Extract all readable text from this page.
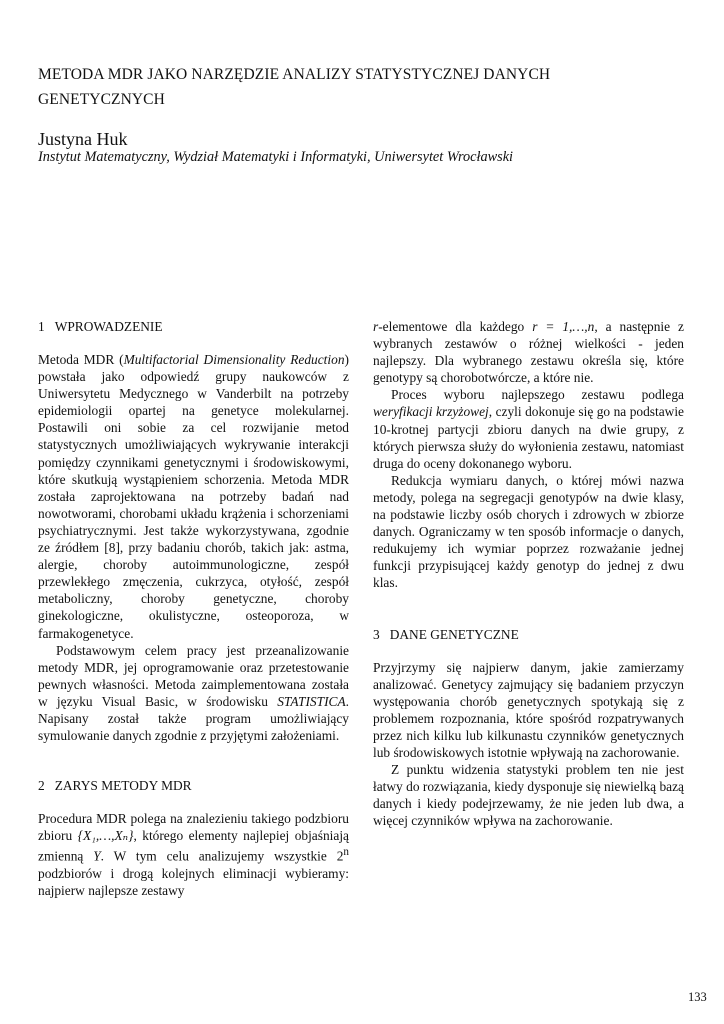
METODA MDR JAKO NARZĘDZIE ANALIZY STATYSTYCZNEJ DANYCH GENETYCZNYCH
Justyna Huk
Instytut Matematyczny, Wydział Matematyki i Informatyki, Uniwersytet Wrocławski
1 WPROWADZENIE

Metoda MDR (Multifactorial Dimensionality Reduction) powstała jako odpowiedź grupy naukowców z Uniwersytetu Medycznego w Vanderbilt na potrzeby epidemiologii opartej na genetyce molekularnej. Postawili oni sobie za cel rozwijanie metod statystycznych umożliwiających wykrywanie interakcji pomiędzy czynnikami genetycznymi i środowiskowymi, które skutkują wystąpieniem schorzenia. Metoda MDR została zaprojektowana na potrzeby badań nad nowotworami, chorobami układu krążenia i schorzeniami psychiatrycznymi. Jest także wykorzystywana, zgodnie ze źródłem [8], przy badaniu chorób, takich jak: astma, alergie, choroby autoimmunologiczne, zespół przewlekłego zmęczenia, cukrzyca, otyłość, zespół metaboliczny, choroby genetyczne, choroby ginekologiczne, okulistyczne, osteoporoza, w farmakogenetyce.

Podstawowym celem pracy jest przeanalizowanie metody MDR, jej oprogramowanie oraz przetestowanie pewnych własności. Metoda zaimplementowana została w języku Visual Basic, w środowisku STATISTICA. Napisany został także program umożliwiający symulowanie danych zgodnie z przyjętymi założeniami.

2 ZARYS METODY MDR

Procedura MDR polega na znalezieniu takiego podzbioru zbioru {X₁,…,Xₙ}, którego elementy najlepiej objaśniają zmienną Y. W tym celu analizujemy wszystkie 2$^n$ podzbiorów i drogą kolejnych eliminacji wybieramy: najpierw najlepsze zestawy

r-elementowe dla każdego r = 1,…,n, a następnie z wybranych zestawów o różnej wielkości - jeden najlepszy. Dla wybranego zestawu określa się, które genotypy są chorobotwórcze, a które nie.

Proces wyboru najlepszego zestawu podlega weryfikacji krzyżowej, czyli dokonuje się go na podstawie 10-krotnej partycji zbioru danych na dwie grupy, z których pierwsza służy do wyłonienia zestawu, natomiast druga do oceny dokonanego wyboru.

Redukcja wymiaru danych, o której mówi nazwa metody, polega na segregacji genotypów na dwie klasy, na podstawie liczby osób chorych i zdrowych w zbiorze danych. Ograniczamy w ten sposób informacje o danych, redukujemy ich wymiar poprzez rozważanie jednej funkcji przypisującej każdy genotyp do jednej z dwu klas.

3 DANE GENETYCZNE

Przyjrzymy się najpierw danym, jakie zamierzamy analizować. Genetycy zajmujący się badaniem przyczyn występowania chorób genetycznych spotykają się z problemem rozpoznania, które spośród rozpatrywanych przez nich kilku lub kilkunastu czynników genetycznych lub środowiskowych istotnie wpływają na zachorowanie.

Z punktu widzenia statystyki problem ten nie jest łatwy do rozwiązania, kiedy dysponuje się niewielką bazą danych i kiedy podejrzewamy, że nie jeden lub dwa, a więcej czynników wpływa na zachorowanie.

133
